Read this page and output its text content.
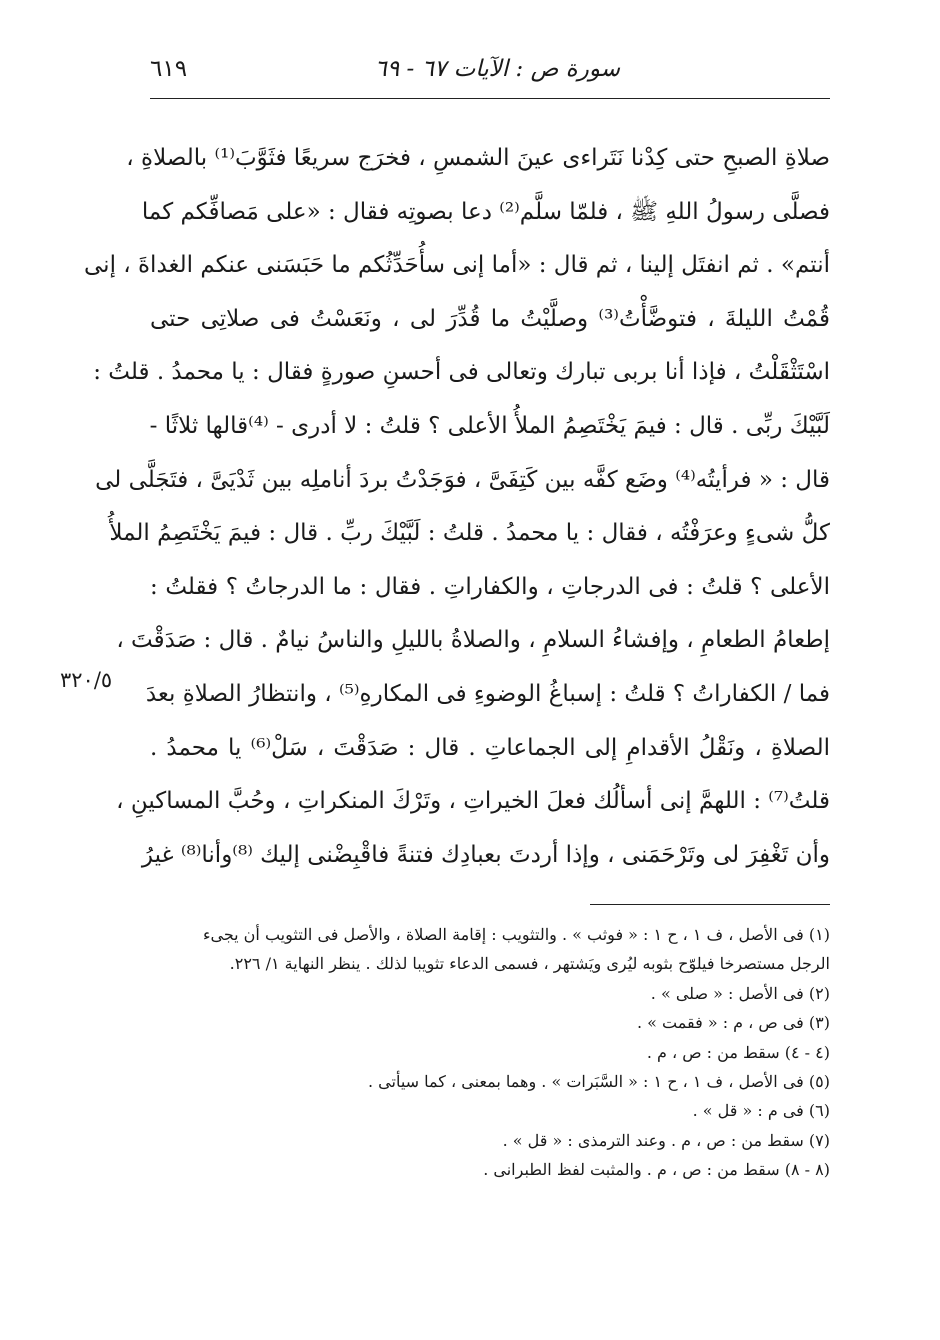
سورة ص : الآيات ٦٧ - ٦٩
٦١٩
صلاةِ الصبحِ حتى كِدْنا نَتَراءى عينَ الشمسِ ، فخرَج سريعًا فثَوَّبَ⁽¹⁾ بالصلاةِ ،
فصلَّى رسولُ اللهِ ﷺ ، فلمّا سلَّم⁽²⁾ دعا بصوتِه فقال : «على مَصافِّكم كما
أنتم» . ثم انفتَل إلينا ، ثم قال : «أما إنى سأُحَدِّثُكم ما حَبَسَنى عنكم الغداةَ ، إنى
قُمْتُ الليلةَ ، فتوضَّأْتُ⁽³⁾ وصلَّيْتُ ما قُدِّرَ لى ، ونَعَسْتُ فى صلاتِى حتى
اسْتَثْقَلْتُ ، فإذا أنا بربى تبارك وتعالى فى أحسنِ صورةٍ فقال : يا محمدُ . قلتُ :
لَبَّيْكَ ربِّى . قال : فيمَ يَخْتَصِمُ الملأُ الأعلى ؟ قلتُ : لا أدرى - ⁽⁴⁾قالها ثلاثًا -
قال : « فرأيتُه⁽⁴⁾ وضَع كفَّه بين كَتِفَىَّ ، فوَجَدْتُ بردَ أناملِه بين ثَدْيَىَّ ، فتَجَلَّى لى
كلُّ شىءٍ وعرَفْتُه ، فقال : يا محمدُ . قلتُ : لَبَّيْكَ ربِّ . قال : فيمَ يَخْتَصِمُ الملأُ
الأعلى ؟ قلتُ : فى الدرجاتِ ، والكفاراتِ . فقال : ما الدرجاتُ ؟ فقلتُ :
إطعامُ الطعامِ ، وإفشاءُ السلامِ ، والصلاةُ بالليلِ والناسُ نيامٌ . قال : صَدَقْتَ ،
فما / الكفاراتُ ؟ قلتُ : إسباغُ الوضوءِ فى المكارهِ⁽⁵⁾ ، وانتظارُ الصلاةِ بعدَ
الصلاةِ ، ونَقْلُ الأقدامِ إلى الجماعاتِ . قال : صَدَقْتَ ، سَلْ⁽⁶⁾ يا محمدُ .
قلتُ⁽⁷⁾ : اللهمَّ إنى أسألُك فعلَ الخيراتِ ، وتَرْكَ المنكراتِ ، وحُبَّ المساكينِ ،
وأن تَغْفِرَ لى وتَرْحَمَنى ، وإذا أردتَ بعبادِك فتنةً فاقْبِضْنى إليك ⁽⁸⁾وأنا⁽⁸⁾ غيرُ
٣٢٠/٥
(١) فى الأصل ، ف ١ ، ح ١ : « فوثب » . والتثويب : إقامة الصلاة ، والأصل فى التثويب أن يجىء
الرجل مستصرخا فيلوّح بثوبه ليُرى ويَشتهر ، فسمى الدعاء تثويبا لذلك . ينظر النهاية ١/ ٢٢٦.
(٢) فى الأصل : « صلى » .
(٣) فى ص ، م : « فقمت » .
(٤ - ٤) سقط من : ص ، م .
(٥) فى الأصل ، ف ١ ، ح ١ : « السَّبَرات » . وهما بمعنى ، كما سيأتى .
(٦) فى م : « قل » .
(٧) سقط من : ص ، م . وعند الترمذى : « قل » .
(٨ - ٨) سقط من : ص ، م . والمثبت لفظ الطبرانى .
